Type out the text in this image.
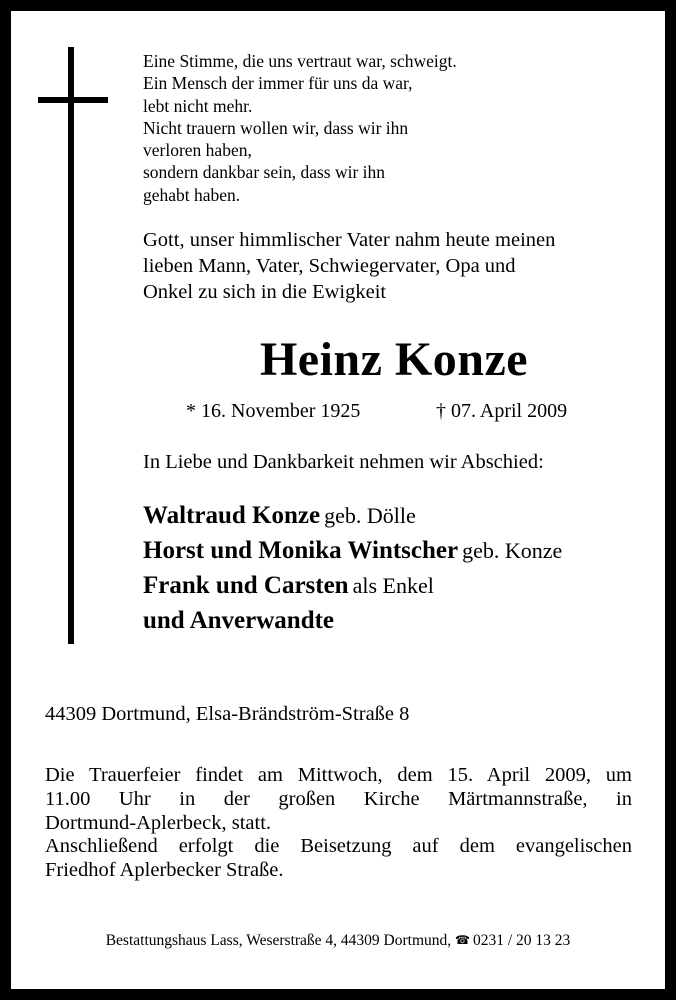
Eine Stimme, die uns vertraut war, schweigt.
Ein Mensch der immer für uns da war,
lebt nicht mehr.
Nicht trauern wollen wir, dass wir ihn
verloren haben,
sondern dankbar sein, dass wir ihn
gehabt haben.
Gott, unser himmlischer Vater nahm heute meinen
lieben Mann, Vater, Schwiegervater, Opa und
Onkel zu sich in die Ewigkeit
Heinz Konze
* 16. November 1925	† 07. April 2009
In Liebe und Dankbarkeit nehmen wir Abschied:
Waltraud Konze geb. Dölle
Horst und Monika Wintscher geb. Konze
Frank und Carsten als Enkel
und Anverwandte
44309 Dortmund, Elsa-Brändström-Straße 8
Die Trauerfeier findet am Mittwoch, dem 15. April 2009, um
11.00 Uhr in der großen Kirche Märtmannstraße, in
Dortmund-Aplerbeck, statt.
Anschließend erfolgt die Beisetzung auf dem evangelischen
Friedhof Aplerbecker Straße.
Bestattungshaus Lass, Weserstraße 4, 44309 Dortmund, ☎ 0231 / 20 13 23
